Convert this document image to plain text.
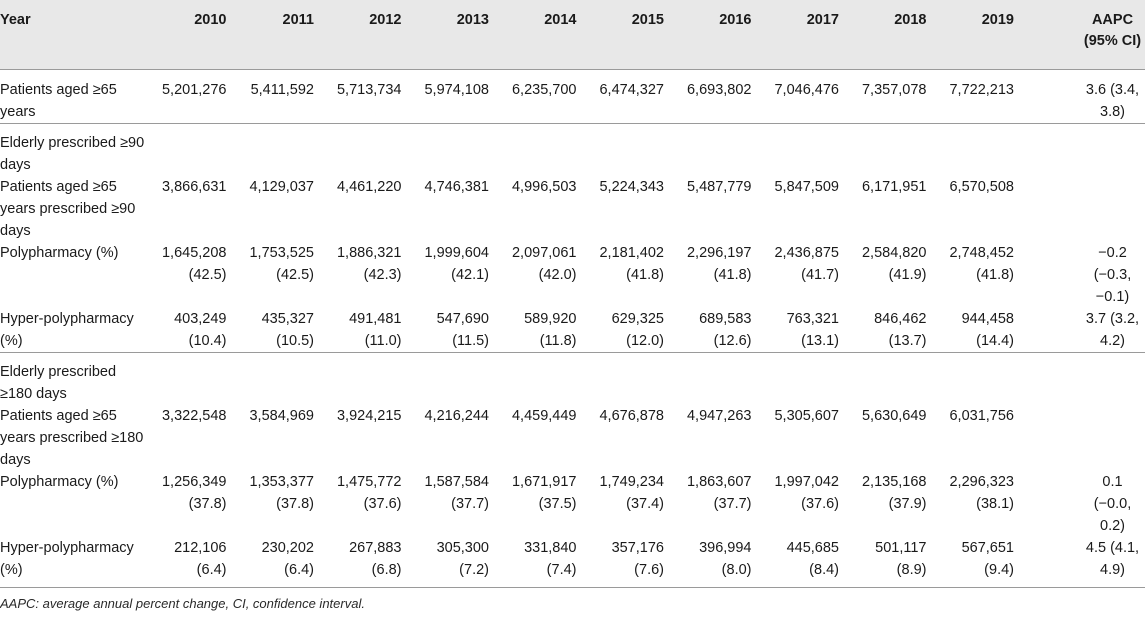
Year	2010	2011	2012	2013	2014	2015	2016	2017	2018	2019	AAPC (95% CI)
Patients aged ≥65 years	5,201,276	5,411,592	5,713,734	5,974,108	6,235,700	6,474,327	6,693,802	7,046,476	7,357,078	7,722,213	3.6 (3.4, 3.8)
Elderly prescribed ≥90 days											
Patients aged ≥65 years prescribed ≥90 days	3,866,631	4,129,037	4,461,220	4,746,381	4,996,503	5,224,343	5,487,779	5,847,509	6,171,951	6,570,508	
Polypharmacy (%)	1,645,208 (42.5)	1,753,525 (42.5)	1,886,321 (42.3)	1,999,604 (42.1)	2,097,061 (42.0)	2,181,402 (41.8)	2,296,197 (41.8)	2,436,875 (41.7)	2,584,820 (41.9)	2,748,452 (41.8)	−0.2 (−0.3, −0.1)
Hyper-polypharmacy (%)	403,249 (10.4)	435,327 (10.5)	491,481 (11.0)	547,690 (11.5)	589,920 (11.8)	629,325 (12.0)	689,583 (12.6)	763,321 (13.1)	846,462 (13.7)	944,458 (14.4)	3.7 (3.2, 4.2)
Elderly prescribed ≥180 days											
Patients aged ≥65 years prescribed ≥180 days	3,322,548	3,584,969	3,924,215	4,216,244	4,459,449	4,676,878	4,947,263	5,305,607	5,630,649	6,031,756	
Polypharmacy (%)	1,256,349 (37.8)	1,353,377 (37.8)	1,475,772 (37.6)	1,587,584 (37.7)	1,671,917 (37.5)	1,749,234 (37.4)	1,863,607 (37.7)	1,997,042 (37.6)	2,135,168 (37.9)	2,296,323 (38.1)	0.1 (−0.0, 0.2)
Hyper-polypharmacy (%)	212,106 (6.4)	230,202 (6.4)	267,883 (6.8)	305,300 (7.2)	331,840 (7.4)	357,176 (7.6)	396,994 (8.0)	445,685 (8.4)	501,117 (8.9)	567,651 (9.4)	4.5 (4.1, 4.9)
AAPC: average annual percent change, CI, confidence interval.
